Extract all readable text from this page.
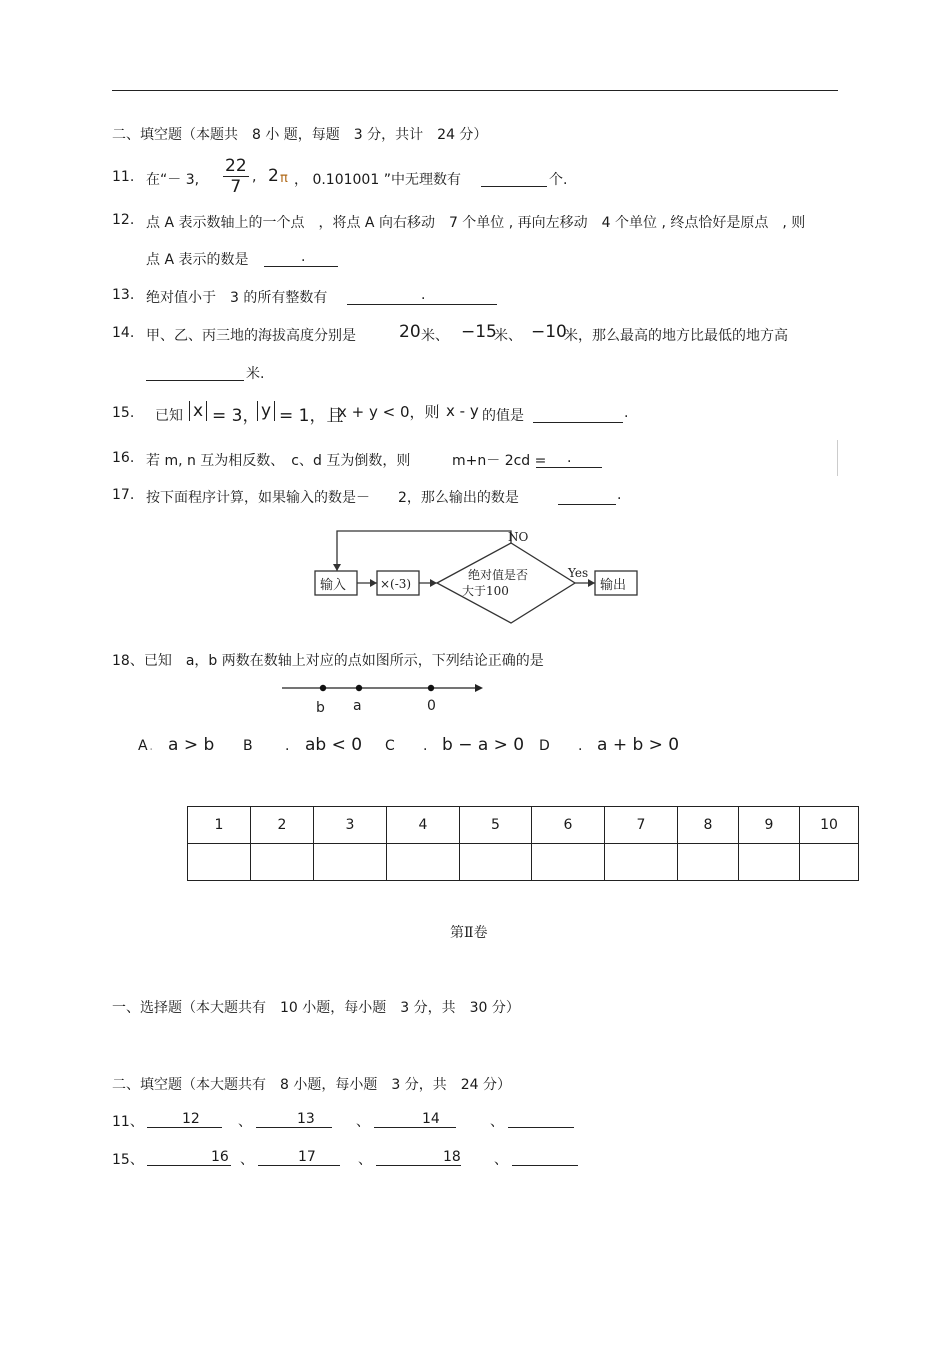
二、填空题（本题共　8 小 题，每题　3 分，共计　24 分）
11. 在“－ 3, $\frac{22}{7}$ , 2 π ， 0.101001 ”中无理数有	个.
12. 点 A 表示数轴上的一个点　，将点 A 向右移动　7 个单位 , 再向左移动　4 个单位 , 终点恰好是原点　, 则
点 A 表示的数是	.
13. 绝对值小于　3 的所有整数有	.
14. 甲、乙、丙三地的海拔高度分别是	20 米、 −15
米、 −10
米，那么最高的地方比最低的地方高
米.
15. 已知 x = 3， y = 1，且
x + y < 0，则 x - y 的值是	.
16. 若 m, n 互为相反数、　c、d 互为倒数，则	m+n－ 2cd = .
17. 按下面程序计算，如果输入的数是－　　2，那么输出的数是	.
输入	×(-3)
绝对值是否
大于100
NO
Yes
输出
18、已知　a，b 两数在数轴上对应的点如图所示，下列结论正确的是
b a	0
A . a > b B . ab < 0 C . b − a > 0 D . a + b > 0
1	2	3	4	5	6	7	8	9	10

第Ⅱ卷
一、选择题（本大题共有　10 小题，每小题　3 分，共　30 分）
二、填空题（本大题共有　8 小题，每小题　3 分，共　24 分）
11、	12	、	13	、	14	、
15、	16 、	17	、	18 、
